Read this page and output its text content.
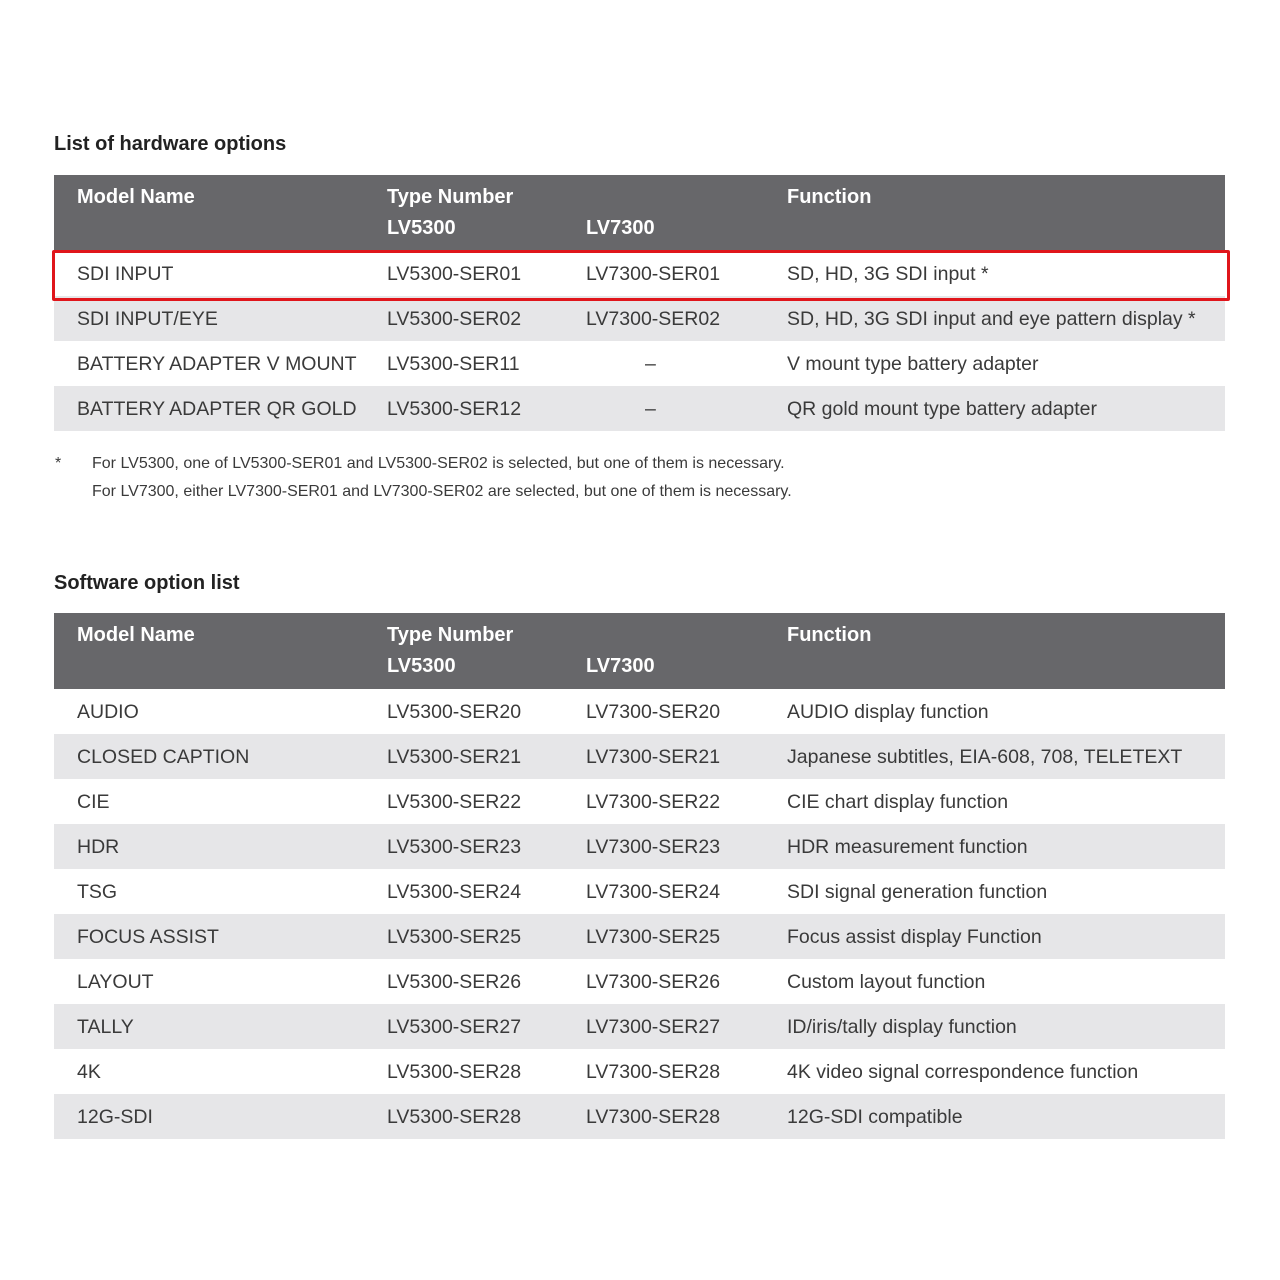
List of hardware options
Model Name	Type Number
LV5300	LV7300
Function
SDI INPUT	LV5300-SER01	LV7300-SER01	SD, HD, 3G SDI input *
SDI INPUT/EYE	LV5300-SER02	LV7300-SER02	SD, HD, 3G SDI input and eye pattern display *
BATTERY ADAPTER V MOUNT LV5300-SER11	–	V mount type battery adapter
BATTERY ADAPTER QR GOLD LV5300-SER12	–	QR gold mount type battery adapter
* For LV5300, one of LV5300-SER01 and LV5300-SER02 is selected, but one of them is necessary.
For LV7300, either LV7300-SER01 and LV7300-SER02 are selected, but one of them is necessary.
Software option list
Model Name	Type Number
LV5300	LV7300
Function
AUDIO	LV5300-SER20	LV7300-SER20	AUDIO display function
CLOSED CAPTION	LV5300-SER21	LV7300-SER21	Japanese subtitles, EIA-608, 708, TELETEXT
CIE	LV5300-SER22	LV7300-SER22	CIE chart display function
HDR	LV5300-SER23	LV7300-SER23	HDR measurement function
TSG	LV5300-SER24	LV7300-SER24	SDI signal generation function
FOCUS ASSIST	LV5300-SER25	LV7300-SER25	Focus assist display Function
LAYOUT	LV5300-SER26	LV7300-SER26	Custom layout function
TALLY	LV5300-SER27	LV7300-SER27	ID/iris/tally display function
4K	LV5300-SER28	LV7300-SER28	4K video signal correspondence function
12G-SDI	LV5300-SER28	LV7300-SER28	12G-SDI compatible
